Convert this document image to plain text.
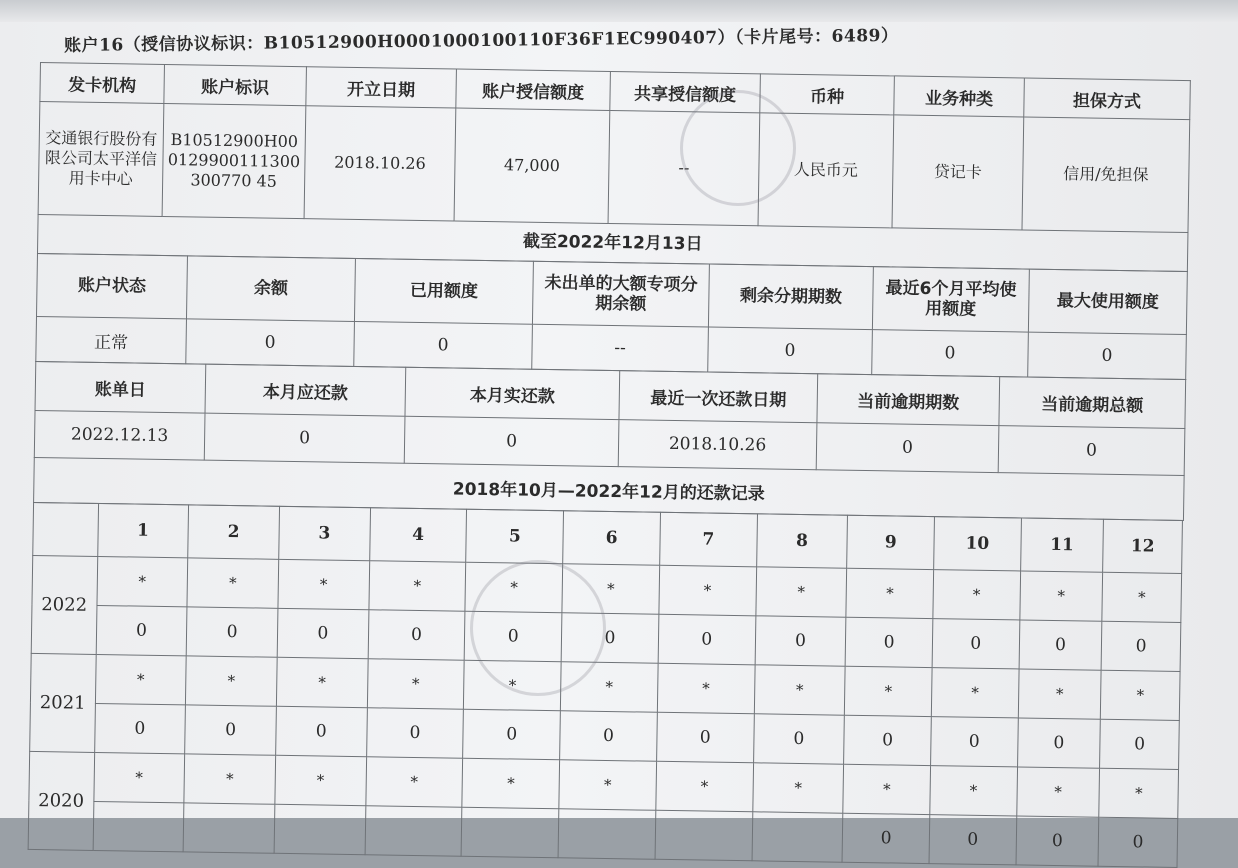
账户16（授信协议标识：B10512900H0001000100110F36F1EC990407）（卡片尾号：6489）
发卡机构	账户标识	开立日期	账户授信额度	共享授信额度	币种	业务种类	担保方式
交通银行股份有限公司太平洋信用卡中心	B10512900H000129900111300300770 45	2018.10.26	47,000	--	人民币元	贷记卡	信用/免担保
截至2022年12月13日							
账户状态	余额	已用额度	未出单的大额专项分期余额	剩余分期期数	最近6个月平均使用额度	最大使用额度
正常	0	0	--	0	0	0
账单日	本月应还款	本月实还款	最近一次还款日期	当前逾期期数	当前逾期总额
2022.12.13	0	0	2018.10.26	0	0
2018年10月—2022年12月的还款记录					
	1	2	3	4	5	6	7	8	9	10	11	12
2022	*	*	*	*	*	*	*	*	*	*	*	*
	0	0	0	0	0	0	0	0	0	0	0	0
2021	*	*	*	*	*	*	*	*	*	*	*	*
	0	0	0	0	0	0	0	0	0	0	0	0
2020	*	*	*	*	*	*	*	*	*	*	*	*
									0	0	0	0
